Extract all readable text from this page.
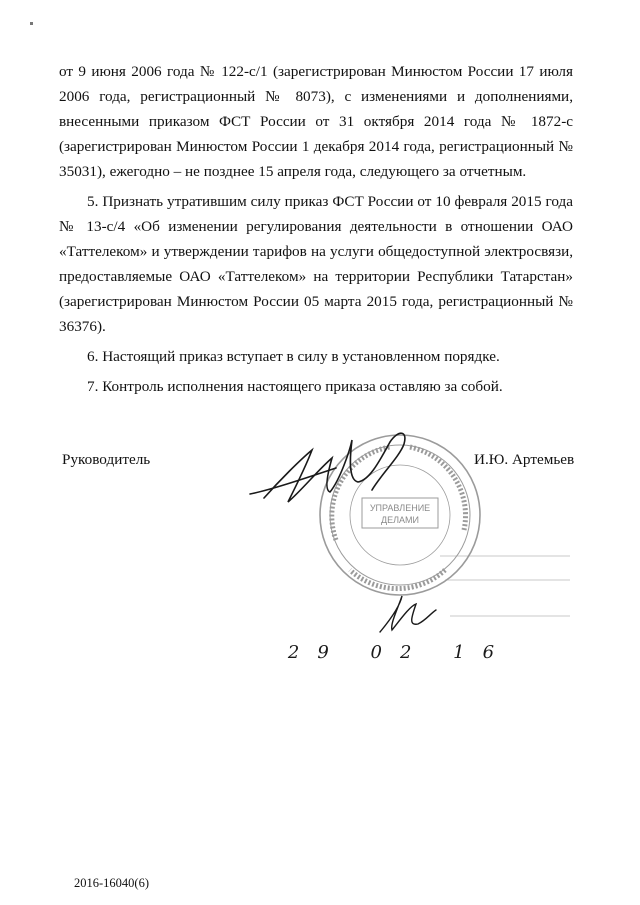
от 9 июня 2006 года № 122-с/1 (зарегистрирован Минюстом России 17 июля 2006 года, регистрационный № 8073), с изменениями и дополнениями, внесенными приказом ФСТ России от 31 октября 2014 года № 1872-с (зарегистрирован Минюстом России 1 декабря 2014 года, регистрационный № 35031), ежегодно – не позднее 15 апреля года, следующего за отчетным.

5. Признать утратившим силу приказ ФСТ России от 10 февраля 2015 года № 13-с/4 «Об изменении регулирования деятельности в отношении ОАО «Таттелеком» и утверждении тарифов на услуги общедоступной электросвязи, предоставляемые ОАО «Таттелеком» на территории Республики Татарстан» (зарегистрирован Минюстом России 05 марта 2015 года, регистрационный № 36376).

6. Настоящий приказ вступает в силу в установленном порядке.

7. Контроль исполнения настоящего приказа оставляю за собой.

Руководитель	И.Ю. Артемьев
УПРАВЛЕНИЕ
ДЕЛАМИ
29 02 16
2016-16040(6)
